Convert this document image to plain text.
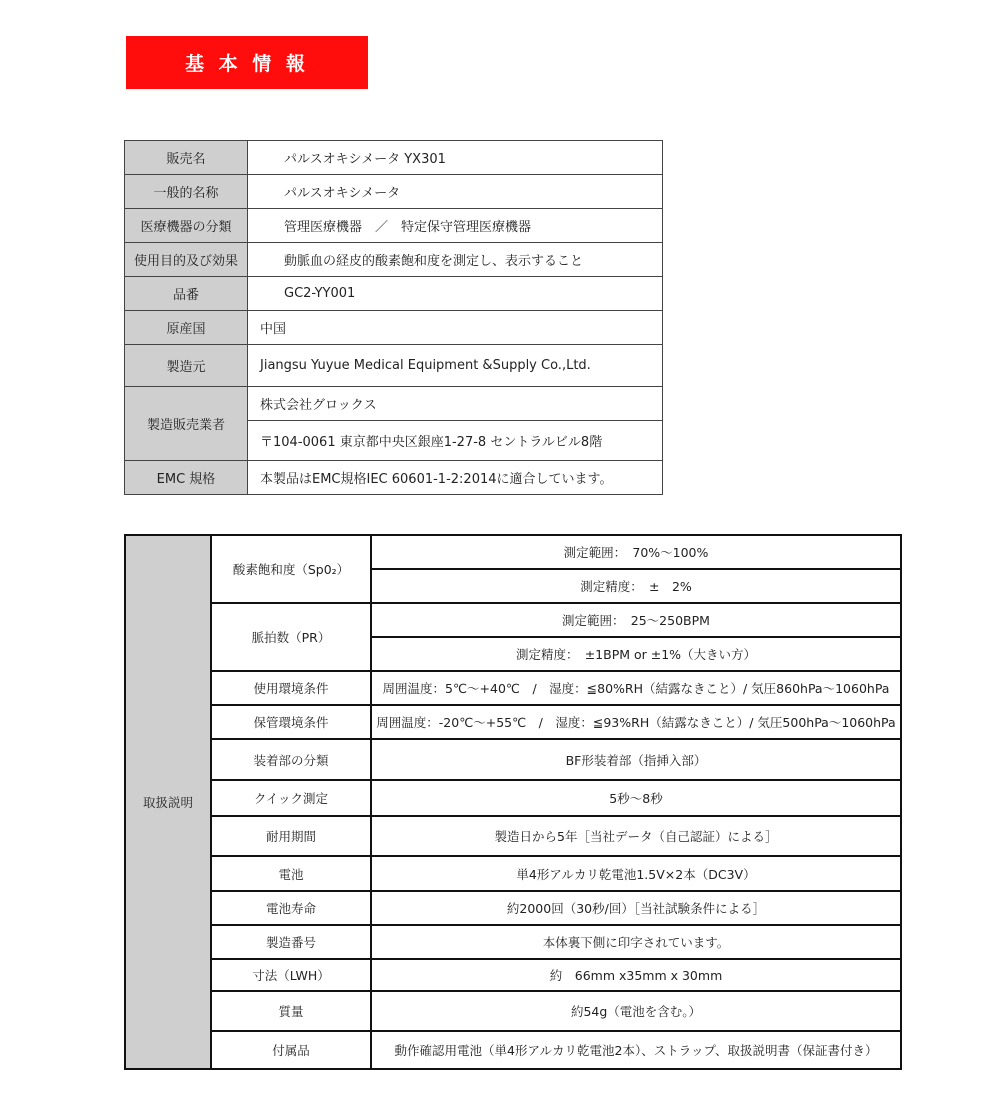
基 本 情 報
販売名	パルスオキシメータ YX301
一般的名称	パルスオキシメータ
医療機器の分類	管理医療機器　／　特定保守管理医療機器
使用目的及び効果	動脈血の経皮的酸素飽和度を測定し、表示すること
品番	GC2-YY001
原産国	中国
製造元	Jiangsu Yuyue Medical Equipment &Supply Co.,Ltd.
製造販売業者	株式会社グロックス
	〒104-0061 東京都中央区銀座1-27-8 セントラルビル8階
EMC 規格	本製品はEMC規格IEC 60601-1-2:2014に適合しています。
取扱説明	酸素飽和度（Sp0₂）	測定範囲：　70%～100%
		測定精度：　±　2%
	脈拍数（PR）	測定範囲：　25～250BPM
		測定精度：　±1BPM or ±1%（大きい方）
	使用環境条件	周囲温度：5℃～+40℃　/　湿度：≦80%RH（結露なきこと）/ 気圧860hPa～1060hPa
	保管環境条件	周囲温度：-20℃～+55℃　/　湿度：≦93%RH（結露なきこと）/ 気圧500hPa～1060hPa
	装着部の分類	BF形装着部（指挿入部）
	クイック測定	5秒～8秒
	耐用期間	製造日から5年［当社データ（自己認証）による］
	電池	単4形アルカリ乾電池1.5V×2本（DC3V）
	電池寿命	約2000回（30秒/回）［当社試験条件による］
	製造番号	本体裏下側に印字されています。
	寸法（LWH）	約　66mm x35mm x 30mm
	質量	約54g（電池を含む。）
	付属品	動作確認用電池（単4形アルカリ乾電池2本）、ストラップ、取扱説明書（保証書付き）
